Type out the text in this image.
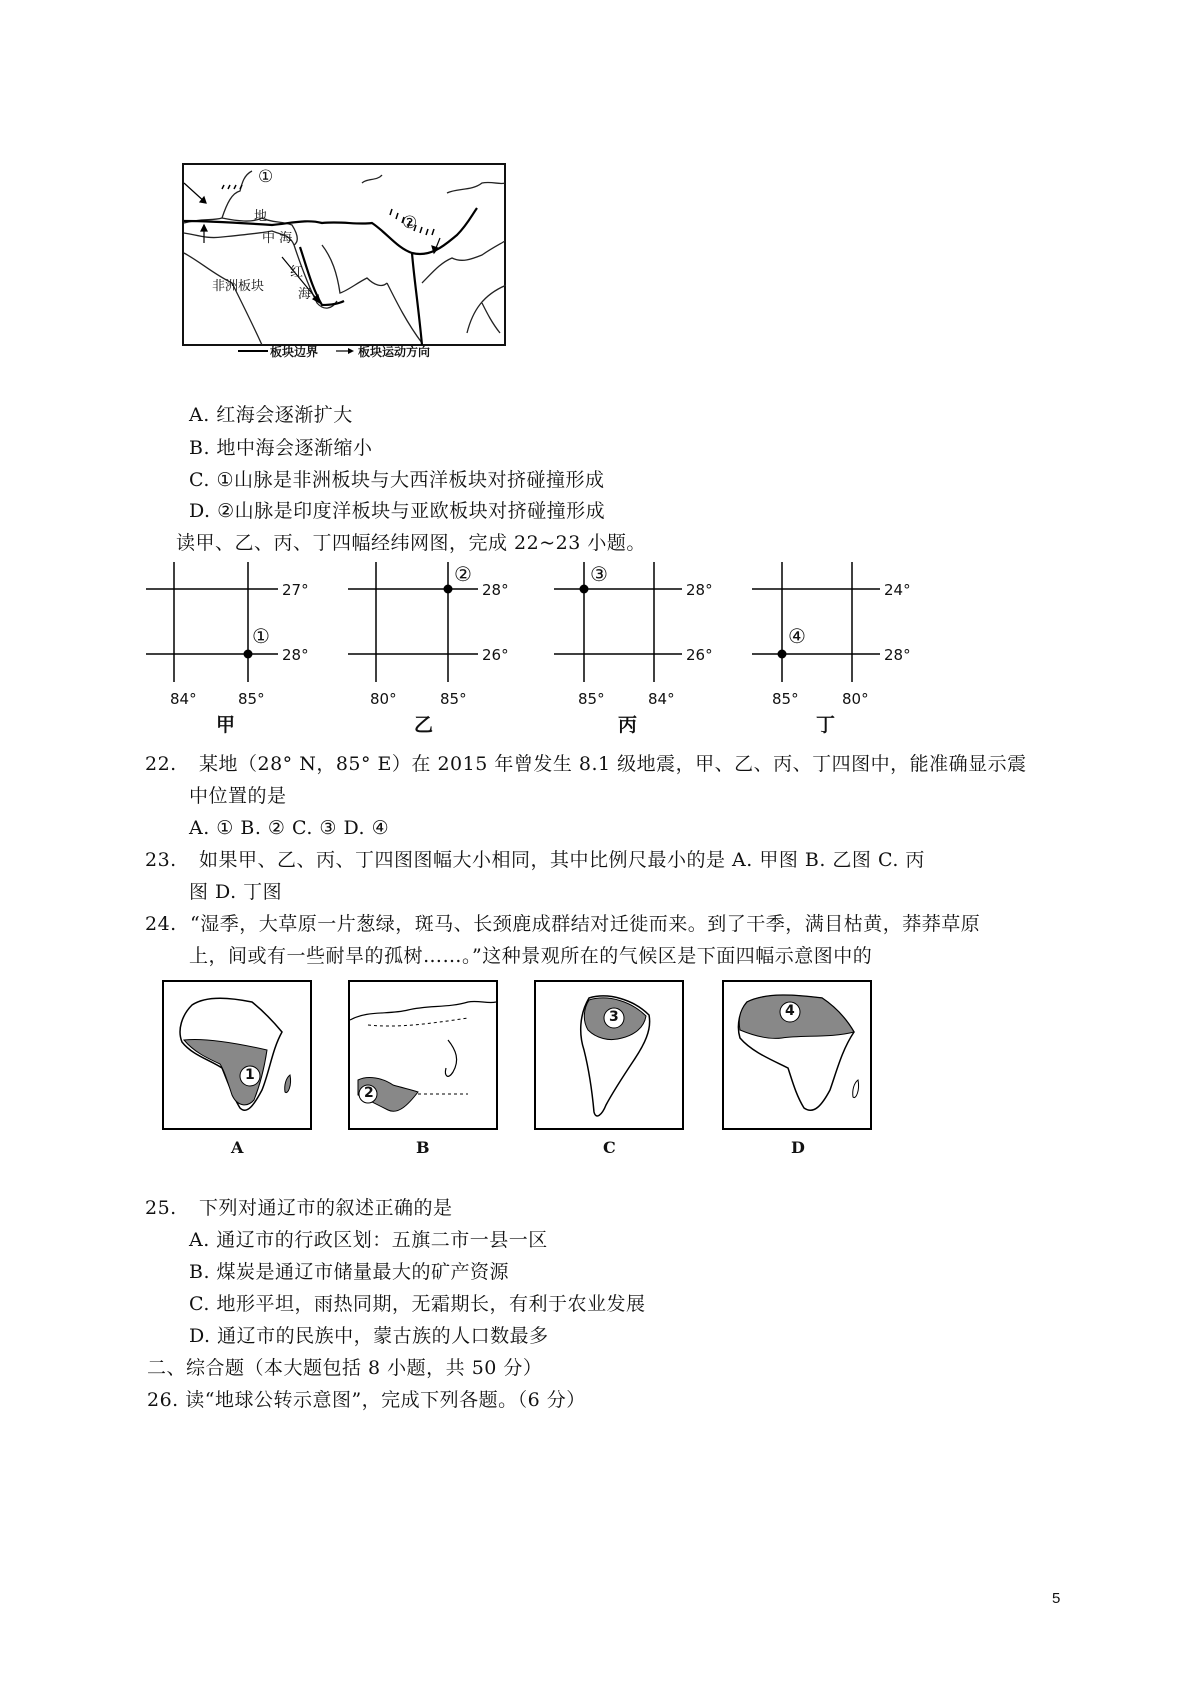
①
②
地
中 海
非洲板块
红
海
板块边界	板块运动方向
A. 红海会逐渐扩大
B. 地中海会逐渐缩小
C. ①山脉是非洲板块与大西洋板块对挤碰撞形成
D. ②山脉是印度洋板块与亚欧板块对挤碰撞形成
读甲、乙、丙、丁四幅经纬网图，完成 22~23 小题。
27°
28°
①
84°	85°
甲
28°
26°
②
80°	85°
乙
28°
26°
③
85°	84°
丙
24°
28°
④
85°	80°
丁
22. 某地（28° N，85° E）在 2015 年曾发生 8.1 级地震，甲、乙、丙、丁四图中，能准确显示震
中位置的是
A. ① B. ② C. ③ D. ④
23. 如果甲、乙、丙、丁四图图幅大小相同，其中比例尺最小的是 A. 甲图 B. 乙图 C. 丙
图 D. 丁图
24. “湿季，大草原一片葱绿，斑马、长颈鹿成群结对迁徙而来。到了干季，满目枯黄，莽莽草原
上，间或有一些耐旱的孤树……。”这种景观所在的气候区是下面四幅示意图中的
1
A
2
B
3
C
4
D
25. 下列对通辽市的叙述正确的是
A. 通辽市的行政区划：五旗二市一县一区
B. 煤炭是通辽市储量最大的矿产资源
C. 地形平坦，雨热同期，无霜期长，有利于农业发展
D. 通辽市的民族中，蒙古族的人口数最多
二、综合题（本大题包括 8 小题，共 50 分）
26. 读“地球公转示意图”，完成下列各题。（6 分）
5
